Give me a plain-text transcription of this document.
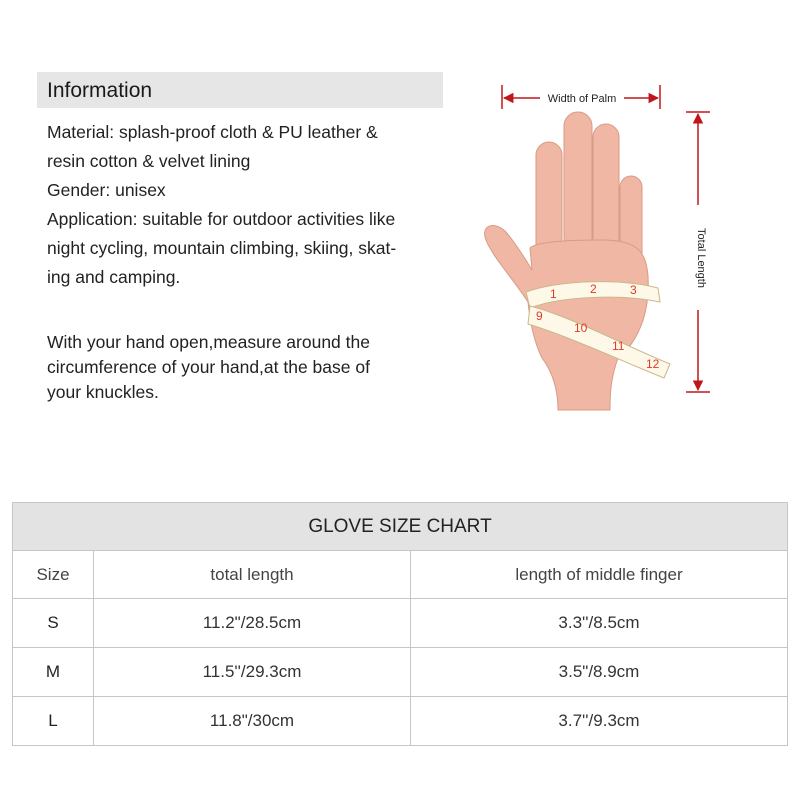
Information
Material: splash-proof cloth & PU leather &
resin cotton & velvet lining
Gender: unisex
Application: suitable for outdoor activities like
night cycling, mountain climbing, skiing, skat-
ing and camping.
With your hand open,measure around the
circumference of your hand,at the base of
your knuckles.
Width of Palm
Total Length
1	2	3
9
10
11
12
GLOVE SIZE CHART		
Size	total length	length of middle finger
S	11.2"/28.5cm	3.3''/8.5cm
M	11.5''/29.3cm	3.5"/8.9cm
L	11.8"/30cm	3.7''/9.3cm
